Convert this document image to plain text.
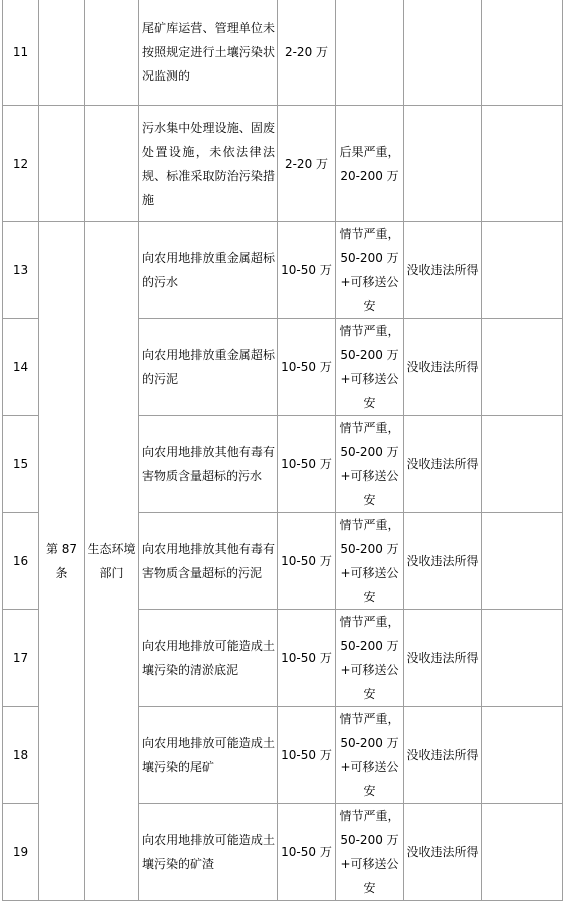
11			尾矿库运营、管理单位未按照规定进行土壤污染状况监测的	2-20 万			
12			污水集中处理设施、固废处置设施，未依法律法规、标准采取防治污染措施	2-20 万	后果严重，20-200 万		
13	第 87 条	生态环境部门	向农用地排放重金属超标的污水	10-50 万	情节严重，50-200 万+可移送公安	没收违法所得	
14			向农用地排放重金属超标的污泥	10-50 万	情节严重，50-200 万+可移送公安	没收违法所得	
15			向农用地排放其他有毒有害物质含量超标的污水	10-50 万	情节严重，50-200 万+可移送公安	没收违法所得	
16			向农用地排放其他有毒有害物质含量超标的污泥	10-50 万	情节严重，50-200 万+可移送公安	没收违法所得	
17			向农用地排放可能造成土壤污染的清淤底泥	10-50 万	情节严重，50-200 万+可移送公安	没收违法所得	
18			向农用地排放可能造成土壤污染的尾矿	10-50 万	情节严重，50-200 万+可移送公安	没收违法所得	
19			向农用地排放可能造成土壤污染的矿渣	10-50 万	情节严重，50-200 万+可移送公安	没收违法所得	
